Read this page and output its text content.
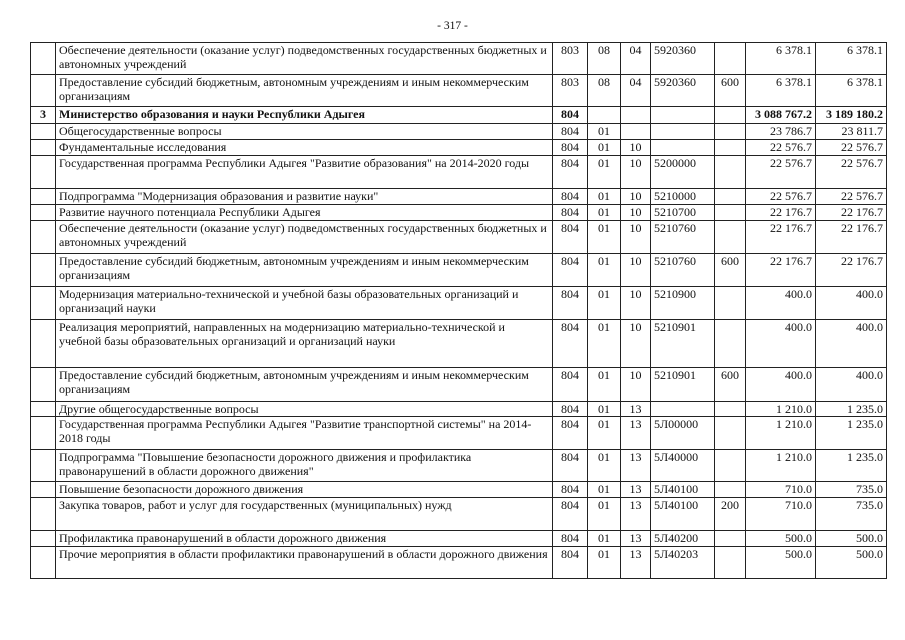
- 317 -
	Обеспечение деятельности (оказание услуг) подведомственных государственных бюджетных и автономных учреждений	803	08	04	5920360		6 378.1	6 378.1
	Предоставление субсидий бюджетным, автономным учреждениям и иным некоммерческим организациям	803	08	04	5920360	600	6 378.1	6 378.1
3	Министерство образования и науки Республики Адыгея	804					3 088 767.2	3 189 180.2
	Общегосударственные вопросы	804	01				23 786.7	23 811.7
	Фундаментальные исследования	804	01	10			22 576.7	22 576.7
	Государственная программа Республики Адыгея "Развитие образования" на 2014-2020 годы	804	01	10	5200000		22 576.7	22 576.7
	Подпрограмма "Модернизация образования и развитие науки"	804	01	10	5210000		22 576.7	22 576.7
	Развитие научного потенциала Республики Адыгея	804	01	10	5210700		22 176.7	22 176.7
	Обеспечение деятельности (оказание услуг) подведомственных государственных бюджетных и автономных учреждений	804	01	10	5210760		22 176.7	22 176.7
	Предоставление субсидий бюджетным, автономным учреждениям и иным некоммерческим организациям	804	01	10	5210760	600	22 176.7	22 176.7
	Модернизация материально-технической и учебной базы образовательных организаций и организаций науки	804	01	10	5210900		400.0	400.0
	Реализация мероприятий, направленных на модернизацию материально-технической и учебной базы образовательных организаций и организаций науки	804	01	10	5210901		400.0	400.0
	Предоставление субсидий бюджетным, автономным учреждениям и иным некоммерческим организациям	804	01	10	5210901	600	400.0	400.0
	Другие общегосударственные вопросы	804	01	13			1 210.0	1 235.0
	Государственная программа Республики Адыгея "Развитие транспортной системы" на 2014-2018 годы	804	01	13	5Л00000		1 210.0	1 235.0
	Подпрограмма "Повышение безопасности дорожного движения и профилактика правонарушений в области дорожного движения"	804	01	13	5Л40000		1 210.0	1 235.0
	Повышение безопасности дорожного движения	804	01	13	5Л40100		710.0	735.0
	Закупка товаров, работ и услуг для государственных (муниципальных) нужд	804	01	13	5Л40100	200	710.0	735.0
	Профилактика правонарушений в области дорожного движения	804	01	13	5Л40200		500.0	500.0
	Прочие мероприятия в области профилактики правонарушений в области дорожного движения	804	01	13	5Л40203		500.0	500.0
